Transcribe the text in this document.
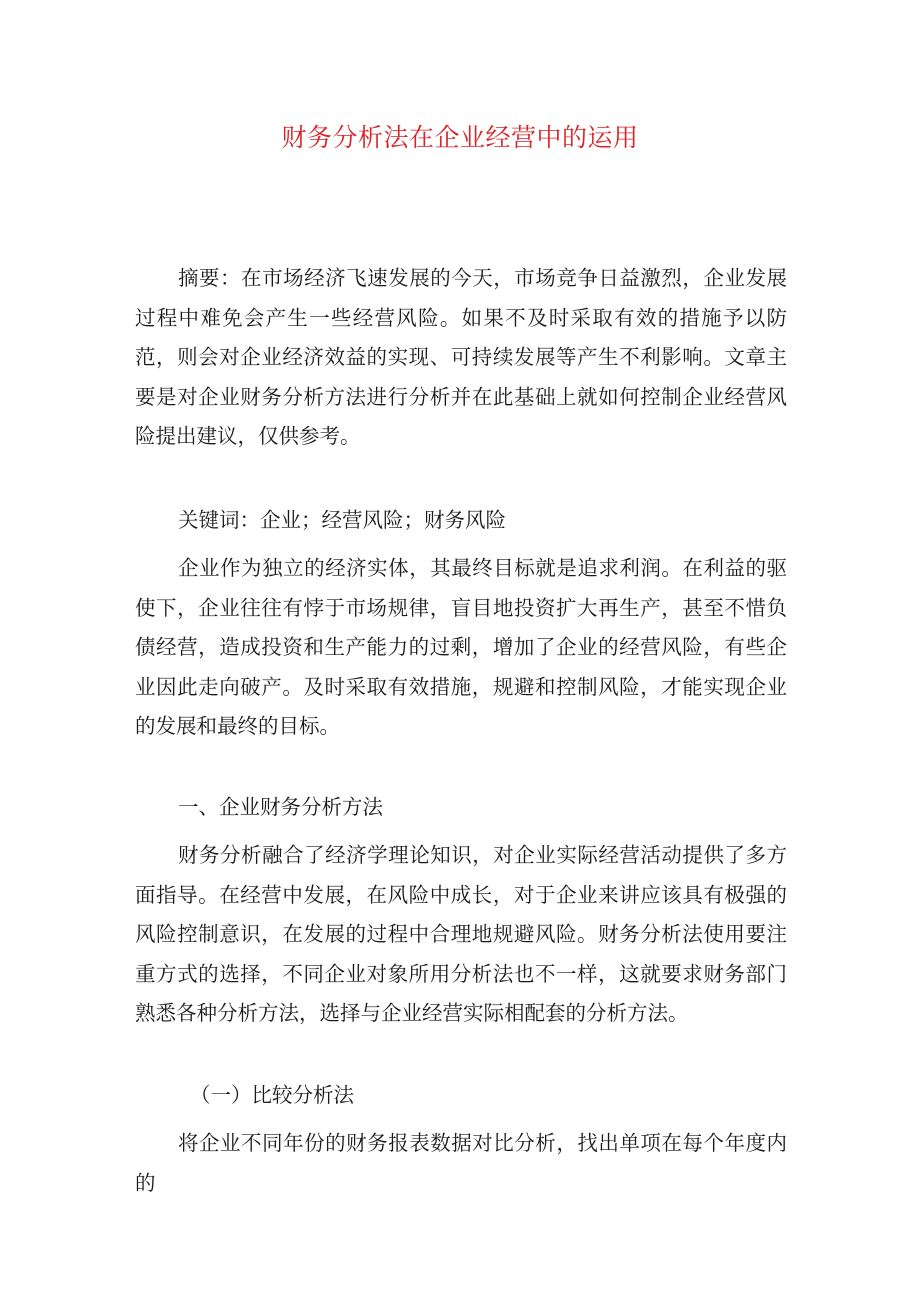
财务分析法在企业经营中的运用

摘要：在市场经济飞速发展的今天，市场竞争日益激烈，企业发展过程中难免会产生一些经营风险。如果不及时采取有效的措施予以防范，则会对企业经济效益的实现、可持续发展等产生不利影响。文章主要是对企业财务分析方法进行分析并在此基础上就如何控制企业经营风险提出建议，仅供参考。

关键词：企业；经营风险；财务风险

企业作为独立的经济实体，其最终目标就是追求利润。在利益的驱使下，企业往往有悖于市场规律，盲目地投资扩大再生产，甚至不惜负债经营，造成投资和生产能力的过剩，增加了企业的经营风险，有些企业因此走向破产。及时采取有效措施，规避和控制风险，才能实现企业的发展和最终的目标。

一、企业财务分析方法

财务分析融合了经济学理论知识，对企业实际经营活动提供了多方面指导。在经营中发展，在风险中成长，对于企业来讲应该具有极强的风险控制意识，在发展的过程中合理地规避风险。财务分析法使用要注重方式的选择，不同企业对象所用分析法也不一样，这就要求财务部门熟悉各种分析方法，选择与企业经营实际相配套的分析方法。

（一）比较分析法

将企业不同年份的财务报表数据对比分析，找出单项在每个年度内的
